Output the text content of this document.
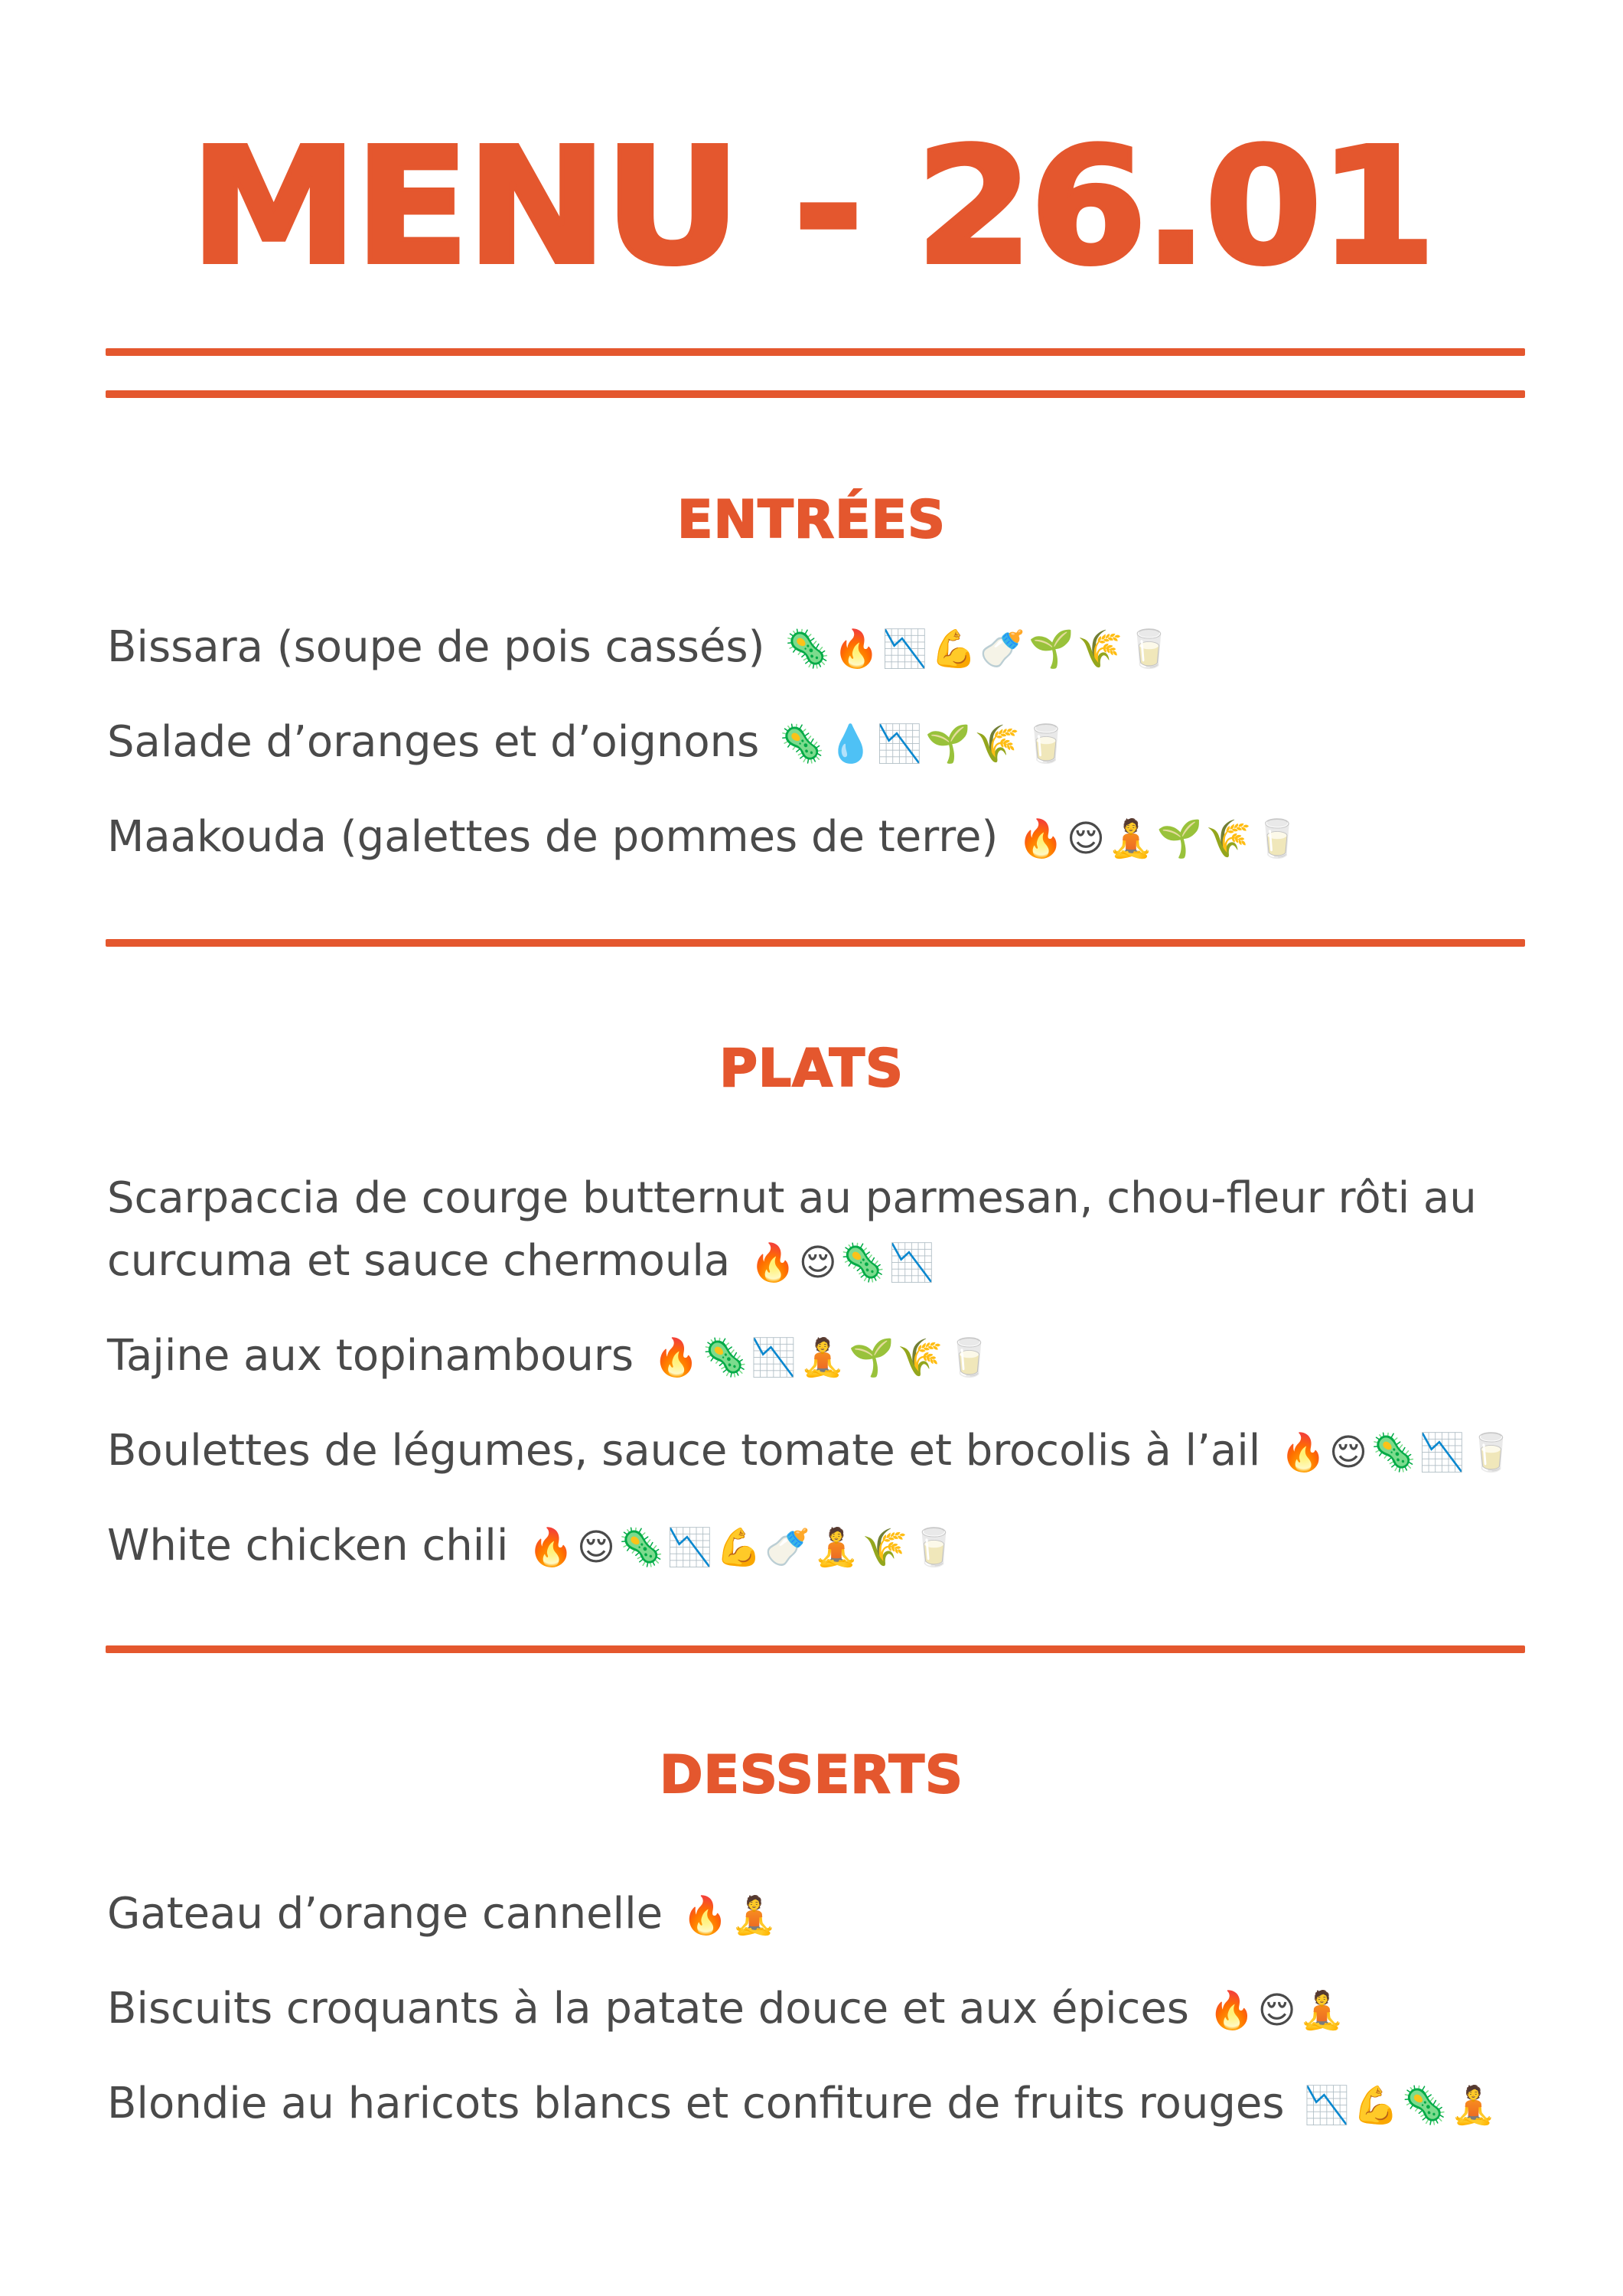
MENU - 26.01
ENTRÉES
Bissara (soupe de pois cassés) 🦠🔥📉💪🍼🌱🌾🥛
Salade d’oranges et d’oignons 🦠💧📉🌱🌾🥛
Maakouda (galettes de pommes de terre) 🔥😌🧘🌱🌾🥛
PLATS
Scarpaccia de courge butternut au parmesan, chou-fleur rôti au curcuma et sauce chermoula 🔥😌🦠📉
Tajine aux topinambours 🔥🦠📉🧘🌱🌾🥛
Boulettes de légumes, sauce tomate et brocolis à l’ail 🔥😌🦠📉🥛
White chicken chili 🔥😌🦠📉💪🍼🧘🌾🥛
DESSERTS
Gateau d’orange cannelle 🔥🧘
Biscuits croquants à la patate douce et aux épices 🔥😌🧘
Blondie au haricots blancs et confiture de fruits rouges 📉💪🦠🧘
